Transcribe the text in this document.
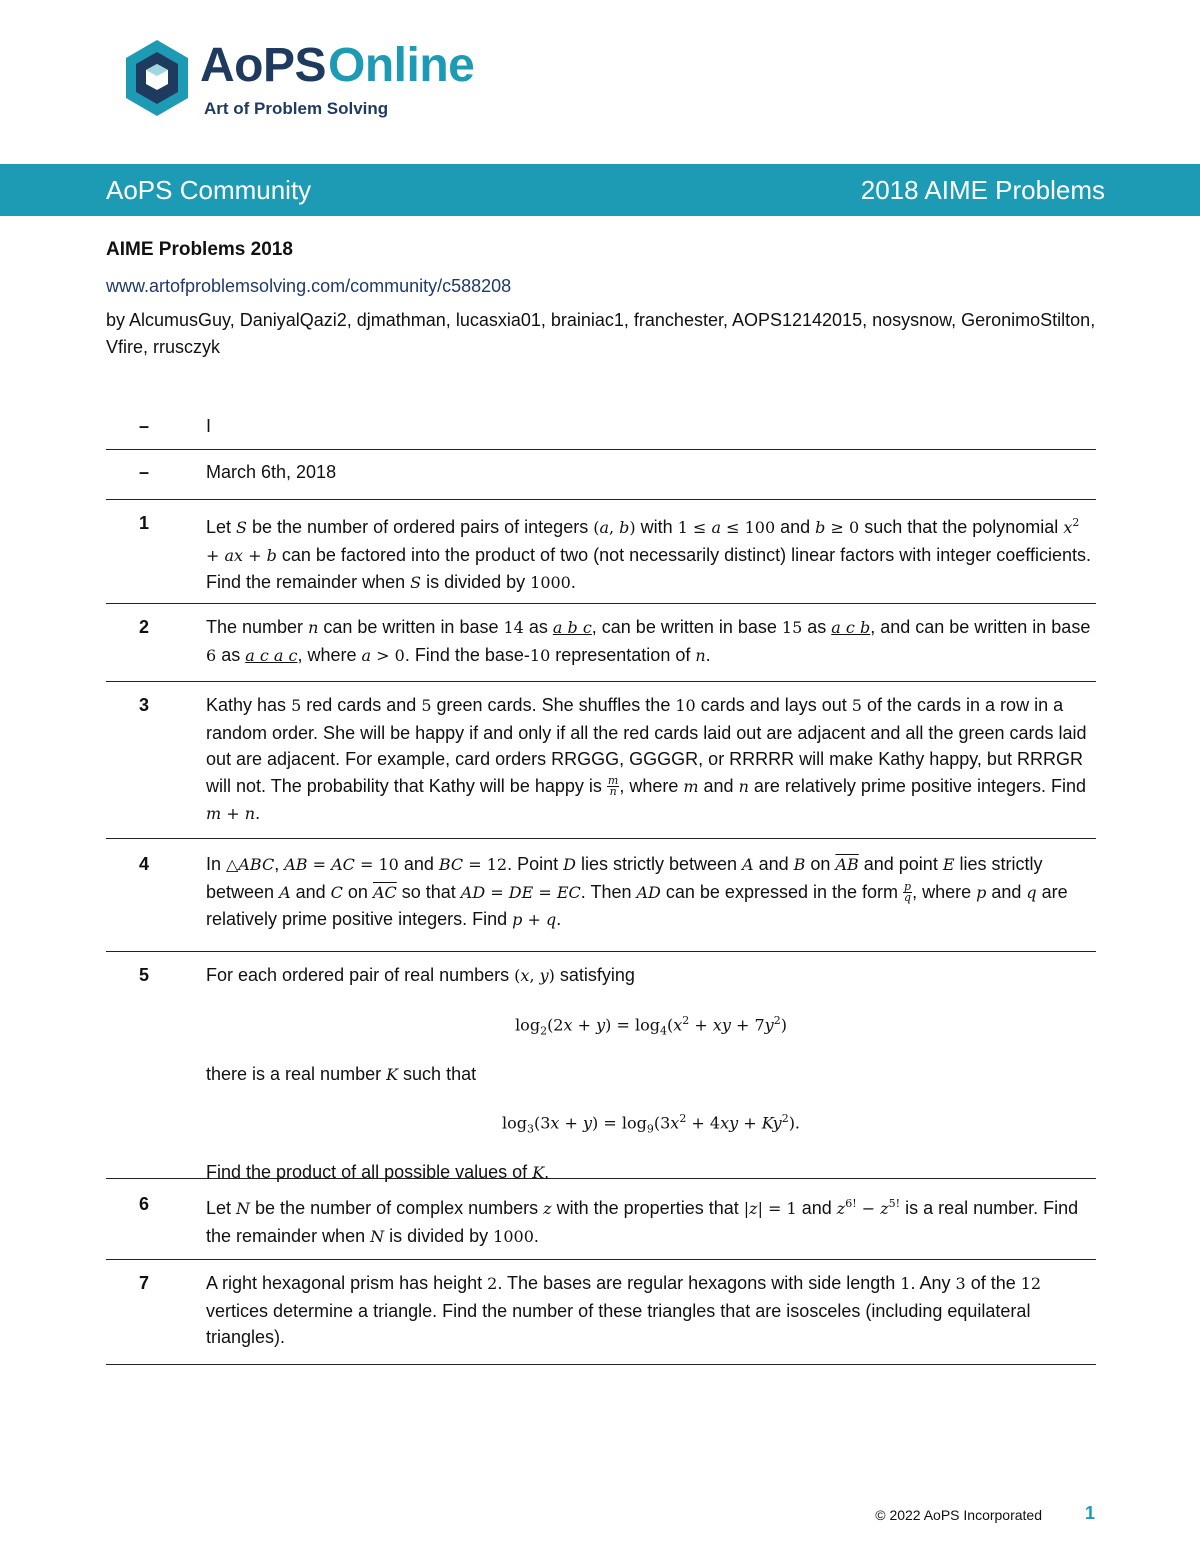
AoPSOnline
Art of Problem Solving
AoPS Community	2018 AIME Problems
AIME Problems 2018
www.artofproblemsolving.com/community/c588208
by AlcumusGuy, DaniyalQazi2, djmathman, lucasxia01, brainiac1, franchester, AOPS12142015, nosysnow, GeronimoStilton, Vfire, rrusczyk
–	I
–	March 6th, 2018
1	Let S be the number of ordered pairs of integers (a, b) with 1 ≤ a ≤ 100 and b ≥ 0 such that the polynomial $x^2$ + ax + b can be factored into the product of two (not necessarily distinct) linear factors with integer coefficients. Find the remainder when S is divided by 1000.
2	The number n can be written in base 14 as a b c, can be written in base 15 as a c b, and can be written in base 6 as a c a c, where a > 0. Find the base-10 representation of n.
3	Kathy has 5 red cards and 5 green cards. She shuffles the 10 cards and lays out 5 of the cards in a row in a random order. She will be happy if and only if all the red cards laid out are adjacent and all the green cards laid out are adjacent. For example, card orders RRGGG, GGGGR, or RRRRR will make Kathy happy, but RRRGR will not. The probability that Kathy will be happy is $\frac{m}{n}$ , where m and n are relatively prime positive integers. Find m + n.
4	In △ABC, AB = AC = 10 and BC = 12. Point D lies strictly between A and B on $\overline{AB}$ and point E lies strictly between A and C on $\overline{AC}$ so that AD = DE = EC. Then AD can be expressed in the form $\frac{p}{q}$ , where p and q are relatively prime positive integers. Find p + q.
5	For each ordered pair of real numbers (x, y) satisfying
$\log_2(2x + y) = \log_4(x^2$ + xy + $7y^2$)
there is a real number K such that
$\log_3(3x + y) = \log_9(3x^2 + 4xy + Ky^2)$.
Find the product of all possible values of K.
6	Let N be the number of complex numbers z with the properties that |z| = 1 and $z^{6!} - z^{5!}$ is a real number. Find the remainder when N is divided by 1000.
7	A right hexagonal prism has height 2. The bases are regular hexagons with side length 1. Any 3 of the 12 vertices determine a triangle. Find the number of these triangles that are isosceles (including equilateral triangles).
© 2022 AoPS Incorporated 1
